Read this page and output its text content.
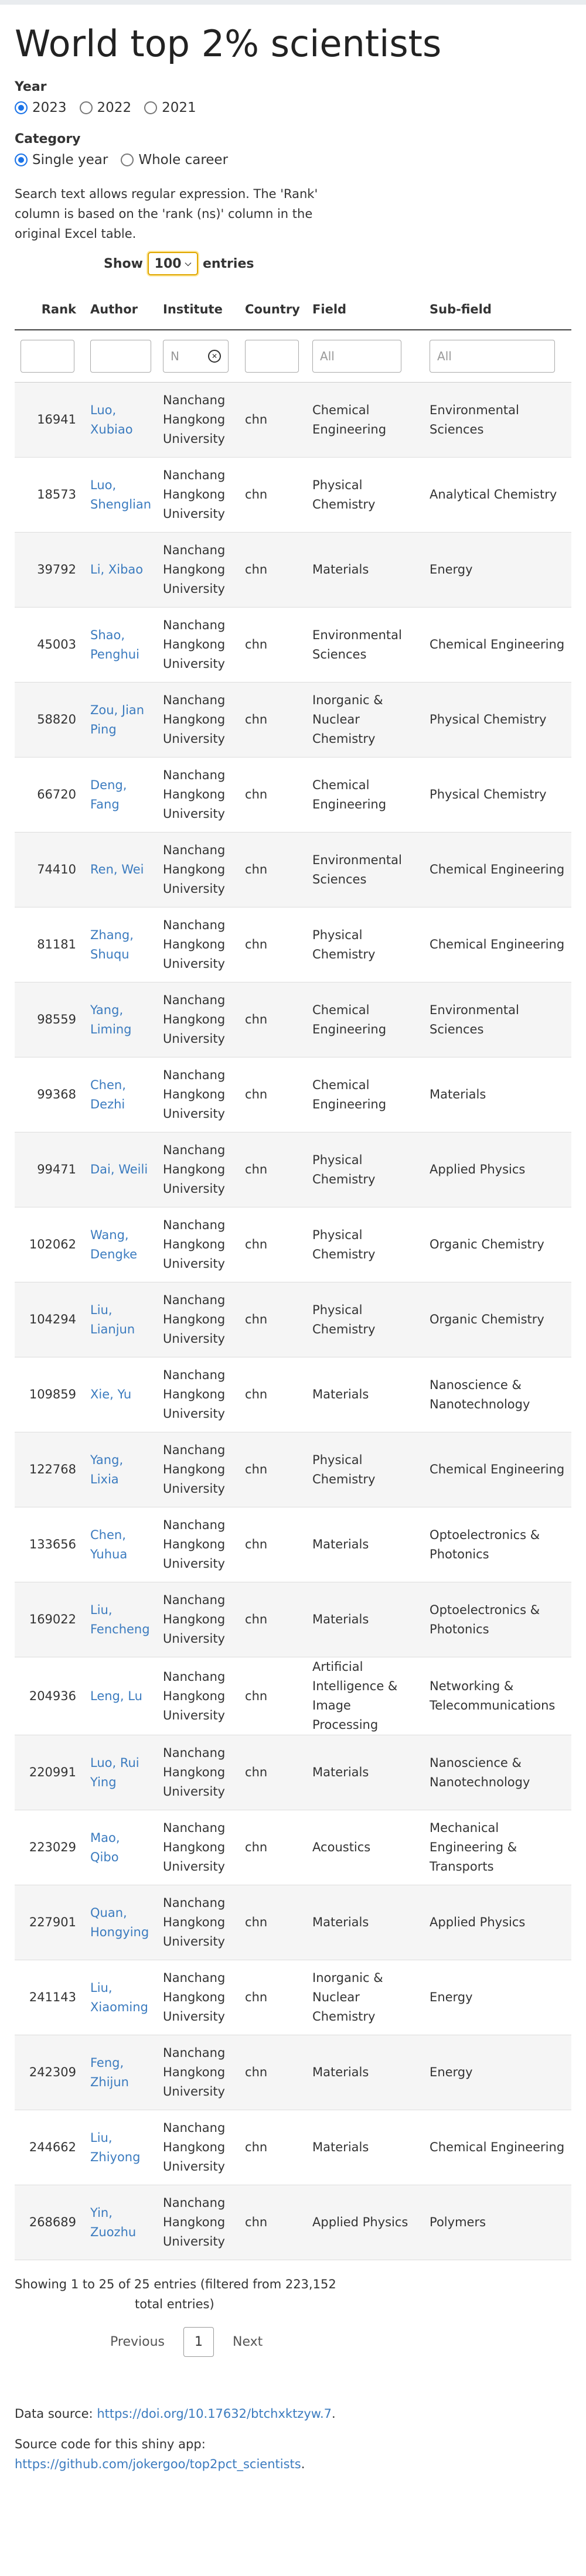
World top 2% scientists
Year
2023 2022 2021
Category
Single year Whole career

Search text allows regular expression. The 'Rank' column is based on the 'rank (ns)' column in the original Excel table.

Show 100 ⌵ entries
Rank	Author	Institute	Country	Field	Sub-field

		N ✕		All	All

16941	Luo, Xubiao	Nanchang Hangkong University	chn	Chemical Engineering	Environmental Sciences
18573	Luo, Shenglian	Nanchang Hangkong University	chn	Physical Chemistry	Analytical Chemistry
39792	Li, Xibao	Nanchang Hangkong University	chn	Materials	Energy
45003	Shao, Penghui	Nanchang Hangkong University	chn	Environmental Sciences	Chemical Engineering
58820	Zou, Jian Ping	Nanchang Hangkong University	chn	Inorganic & Nuclear Chemistry	Physical Chemistry
66720	Deng, Fang	Nanchang Hangkong University	chn	Chemical Engineering	Physical Chemistry
74410	Ren, Wei	Nanchang Hangkong University	chn	Environmental Sciences	Chemical Engineering
81181	Zhang, Shuqu	Nanchang Hangkong University	chn	Physical Chemistry	Chemical Engineering
98559	Yang, Liming	Nanchang Hangkong University	chn	Chemical Engineering	Environmental Sciences
99368	Chen, Dezhi	Nanchang Hangkong University	chn	Chemical Engineering	Materials
99471	Dai, Weili	Nanchang Hangkong University	chn	Physical Chemistry	Applied Physics
102062	Wang, Dengke	Nanchang Hangkong University	chn	Physical Chemistry	Organic Chemistry
104294	Liu, Lianjun	Nanchang Hangkong University	chn	Physical Chemistry	Organic Chemistry
109859	Xie, Yu	Nanchang Hangkong University	chn	Materials	Nanoscience & Nanotechnology
122768	Yang, Lixia	Nanchang Hangkong University	chn	Physical Chemistry	Chemical Engineering
133656	Chen, Yuhua	Nanchang Hangkong University	chn	Materials	Optoelectronics & Photonics
169022	Liu, Fencheng	Nanchang Hangkong University	chn	Materials	Optoelectronics & Photonics
204936	Leng, Lu	Nanchang Hangkong University	chn	Artificial Intelligence & Image Processing	Networking & Telecommunications
220991	Luo, Rui Ying	Nanchang Hangkong University	chn	Materials	Nanoscience & Nanotechnology
223029	Mao, Qibo	Nanchang Hangkong University	chn	Acoustics	Mechanical Engineering & Transports
227901	Quan, Hongying	Nanchang Hangkong University	chn	Materials	Applied Physics
241143	Liu, Xiaoming	Nanchang Hangkong University	chn	Inorganic & Nuclear Chemistry	Energy
242309	Feng, Zhijun	Nanchang Hangkong University	chn	Materials	Energy
244662	Liu, Zhiyong	Nanchang Hangkong University	chn	Materials	Chemical Engineering
268689	Yin, Zuozhu	Nanchang Hangkong University	chn	Applied Physics	Polymers
Showing 1 to 25 of 25 entries (filtered from 223,152
total entries)
Previous	1	Next

Data source: https://doi.org/10.17632/btchxktzyw.7.

Source code for this shiny app:
https://github.com/jokergoo/top2pct_scientists.
